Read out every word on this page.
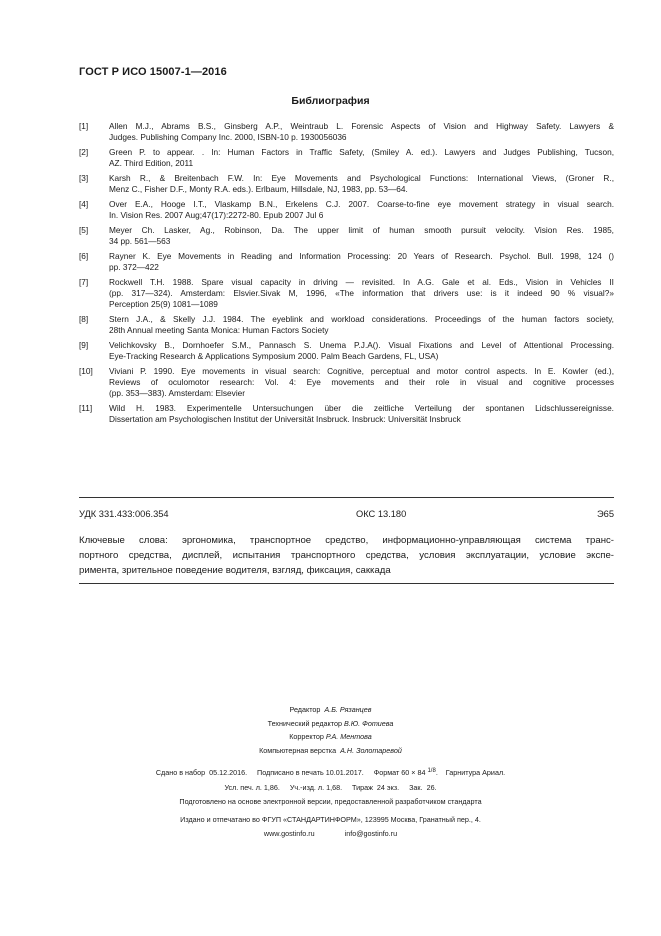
ГОСТ Р ИСО 15007-1—2016
Библиография
[1]	Allen M.J., Abrams B.S., Ginsberg A.P., Weintraub L. Forensic Aspects of Vision and Highway Safety. Lawyers &
Judges. Publishing Company Inc. 2000, ISBN-10 p. 1930056036
[2]	Green P. to appear. . In: Human Factors in Traffic Safety, (Smiley A. ed.). Lawyers and Judges Publishing, Tucson,
AZ. Third Edition, 2011
[3]	Karsh R., & Breitenbach F.W. In: Eye Movements and Psychological Functions: International Views, (Groner R.,
Menz C., Fisher D.F., Monty R.A. eds.). Erlbaum, Hillsdale, NJ, 1983, pp. 53—64.
[4]	Over E.A., Hooge I.T., Vlaskamp B.N., Erkelens C.J. 2007. Coarse-to-fine eye movement strategy in visual search.
In. Vision Res. 2007 Aug;47(17):2272-80. Epub 2007 Jul 6
[5]	Meyer Ch. Lasker, Ag., Robinson, Da. The upper limit of human smooth pursuit velocity. Vision Res. 1985,
34 pp. 561—563
[6]	Rayner K. Eye Movements in Reading and Information Processing: 20 Years of Research. Psychol. Bull. 1998, 124 ()
pp. 372—422
[7]	Rockwell T.H. 1988. Spare visual capacity in driving — revisited. In A.G. Gale et al. Eds., Vision in Vehicles II
(pp. 317—324). Amsterdam: Elsvier.Sivak M, 1996, «The information that drivers use: is it indeed 90 % visual?»
Perception 25(9) 1081—1089
[8]	Stern J.A., & Skelly J.J. 1984. The eyeblink and workload considerations. Proceedings of the human factors society,
28th Annual meeting Santa Monica: Human Factors Society
[9]	Velichkovsky B., Dornhoefer S.M., Pannasch S. Unema P.J.A(). Visual Fixations and Level of Attentional Processing.
Eye-Tracking Research & Applications Symposium 2000. Palm Beach Gardens, FL, USA)
[10]	Viviani P. 1990. Eye movements in visual search: Cognitive, perceptual and motor control aspects. In E. Kowler (ed.),
Reviews of oculomotor research: Vol. 4: Eye movements and their role in visual and cognitive processes
(pp. 353—383). Amsterdam: Elsevier
[11]	Wild H. 1983. Experimentelle Untersuchungen über die zeitliche Verteilung der spontanen Lidschlussereignisse.
Dissertation am Psychologischen Institut der Universität Insbruck. Insbruck: Universität Insbruck
УДК 331.433:006.354	ОКС 13.180	Э65
Ключевые слова: эргономика, транспортное средство, информационно-управляющая система транс-
портного средства, дисплей, испытания транспортного средства, условия эксплуатации, условие экспе-
римента, зрительное поведение водителя, взгляд, фиксация, саккада
Редактор А.Б. Рязанцев
Технический редактор В.Ю. Фотиева
Корректор Р.А. Ментова
Компьютерная верстка А.Н. Золотаревой
Сдано в набор  05.12.2016.     Подписано в печать 10.01.2017.     Формат 60 × 84 1/8.    Гарнитура Ариал.
Усл. печ. л. 1,86.     Уч.-изд. л. 1,68.     Тираж  24 экз.     Зак.  26.
Подготовлено на основе электронной версии, предоставленной разработчиком стандарта
Издано и отпечатано во ФГУП «СТАНДАРТИНФОРМ», 123995 Москва, Гранатный пер., 4.
www.gostinfo.ru	info@gostinfo.ru
